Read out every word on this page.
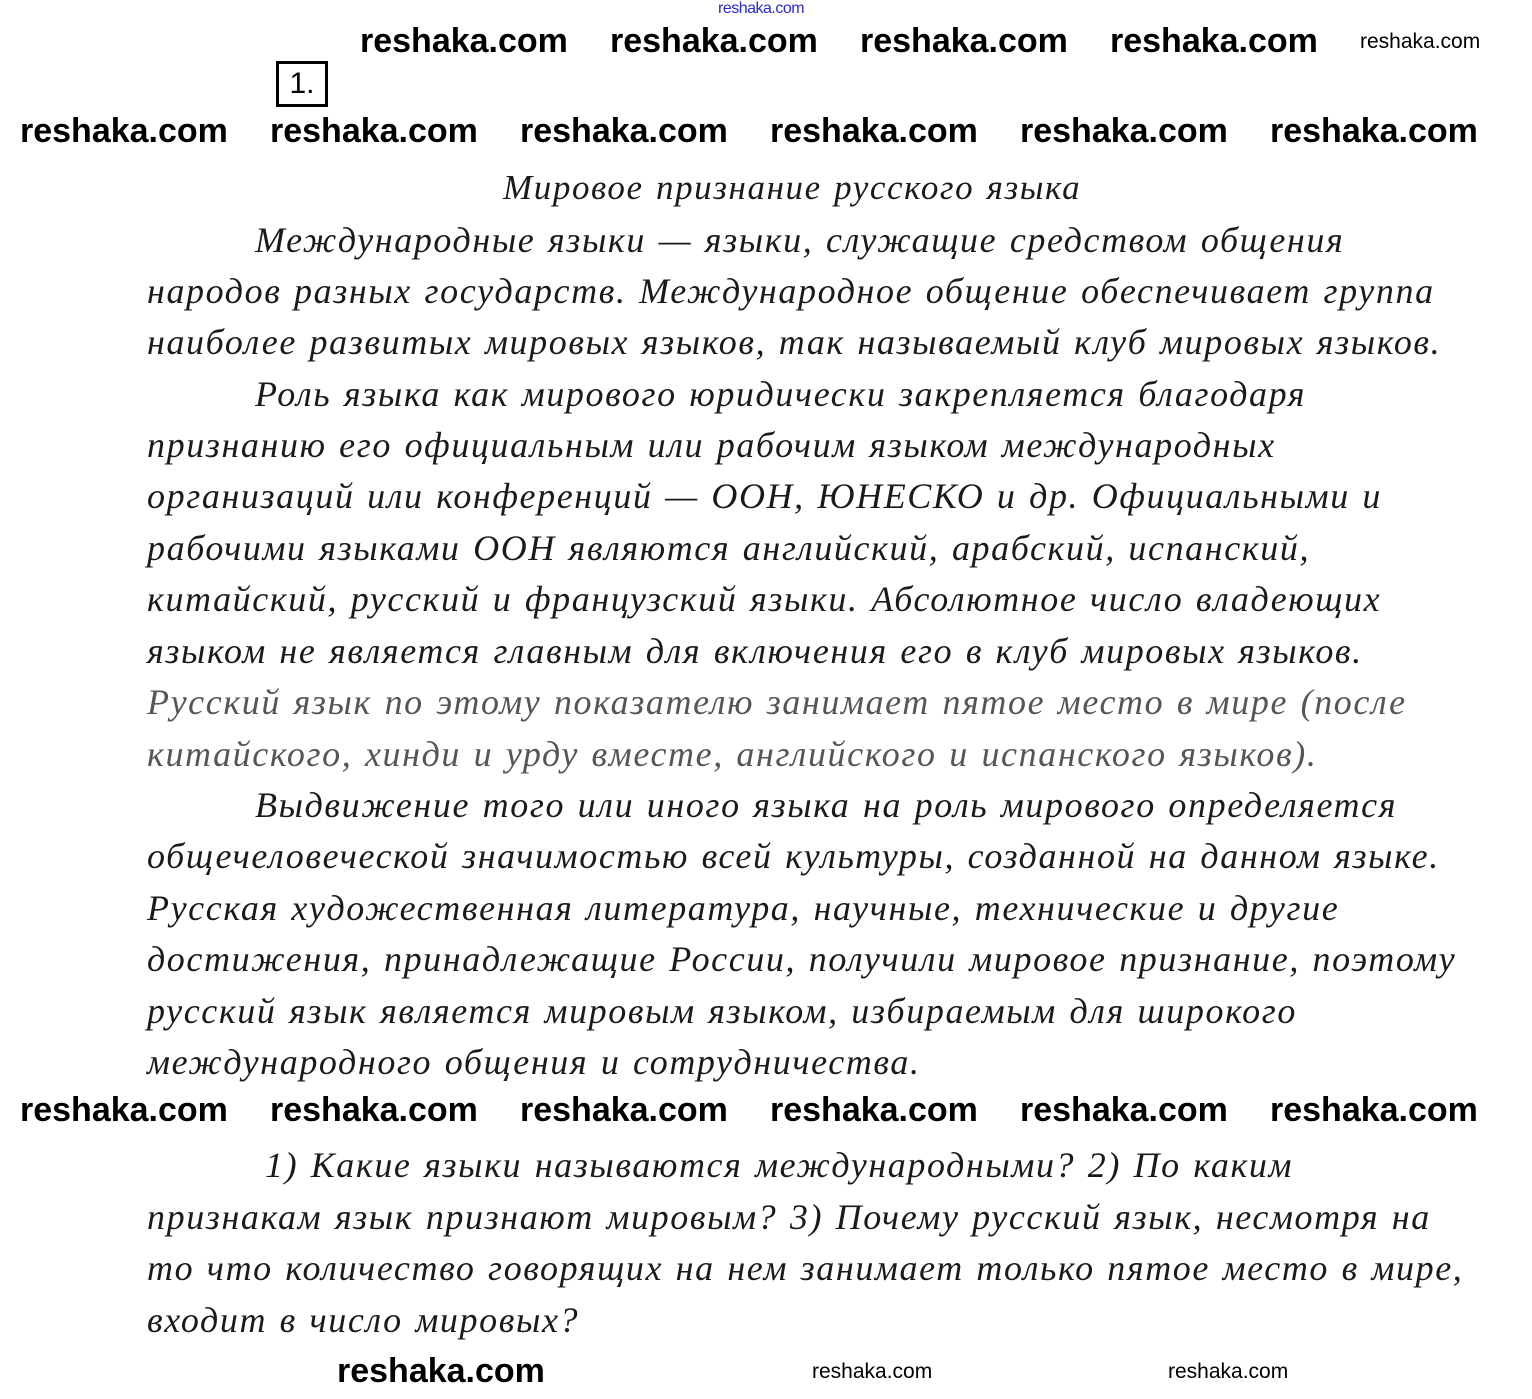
reshaka.com
1.
Мировое признание русского языка
Международные языки — языки, служащие средством общения
народов разных государств. Международное общение обеспечивает группа
наиболее развитых мировых языков, так называемый клуб мировых языков.
Роль языка как мирового юридически закрепляется благодаря
признанию его официальным или рабочим языком международных
организаций или конференций — ООН, ЮНЕСКО и др. Официальными и
рабочими языками ООН являются английский, арабский, испанский,
китайский, русский и французский языки. Абсолютное число владеющих
языком не является главным для включения его в клуб мировых языков.
Русский язык по этому показателю занимает пятое место в мире (после
китайского, хинди и урду вместе, английского и испанского языков).
Выдвижение того или иного языка на роль мирового определяется
общечеловеческой значимостью всей культуры, созданной на данном языке.
Русская художественная литература, научные, технические и другие
достижения, принадлежащие России, получили мировое признание, поэтому
русский язык является мировым языком, избираемым для широкого
международного общения и сотрудничества.
1) Какие языки называются международными? 2) По каким
признакам язык признают мировым? 3) Почему русский язык, несмотря на
то что количество говорящих на нем занимает только пятое место в мире,
входит в число мировых?
reshaka.com reshaka.com reshaka.com reshaka.com reshaka.com
reshaka.com reshaka.com reshaka.com reshaka.com reshaka.com reshaka.com
reshaka.com reshaka.com reshaka.com reshaka.com reshaka.com reshaka.com
reshaka.com	reshaka.com	reshaka.com
